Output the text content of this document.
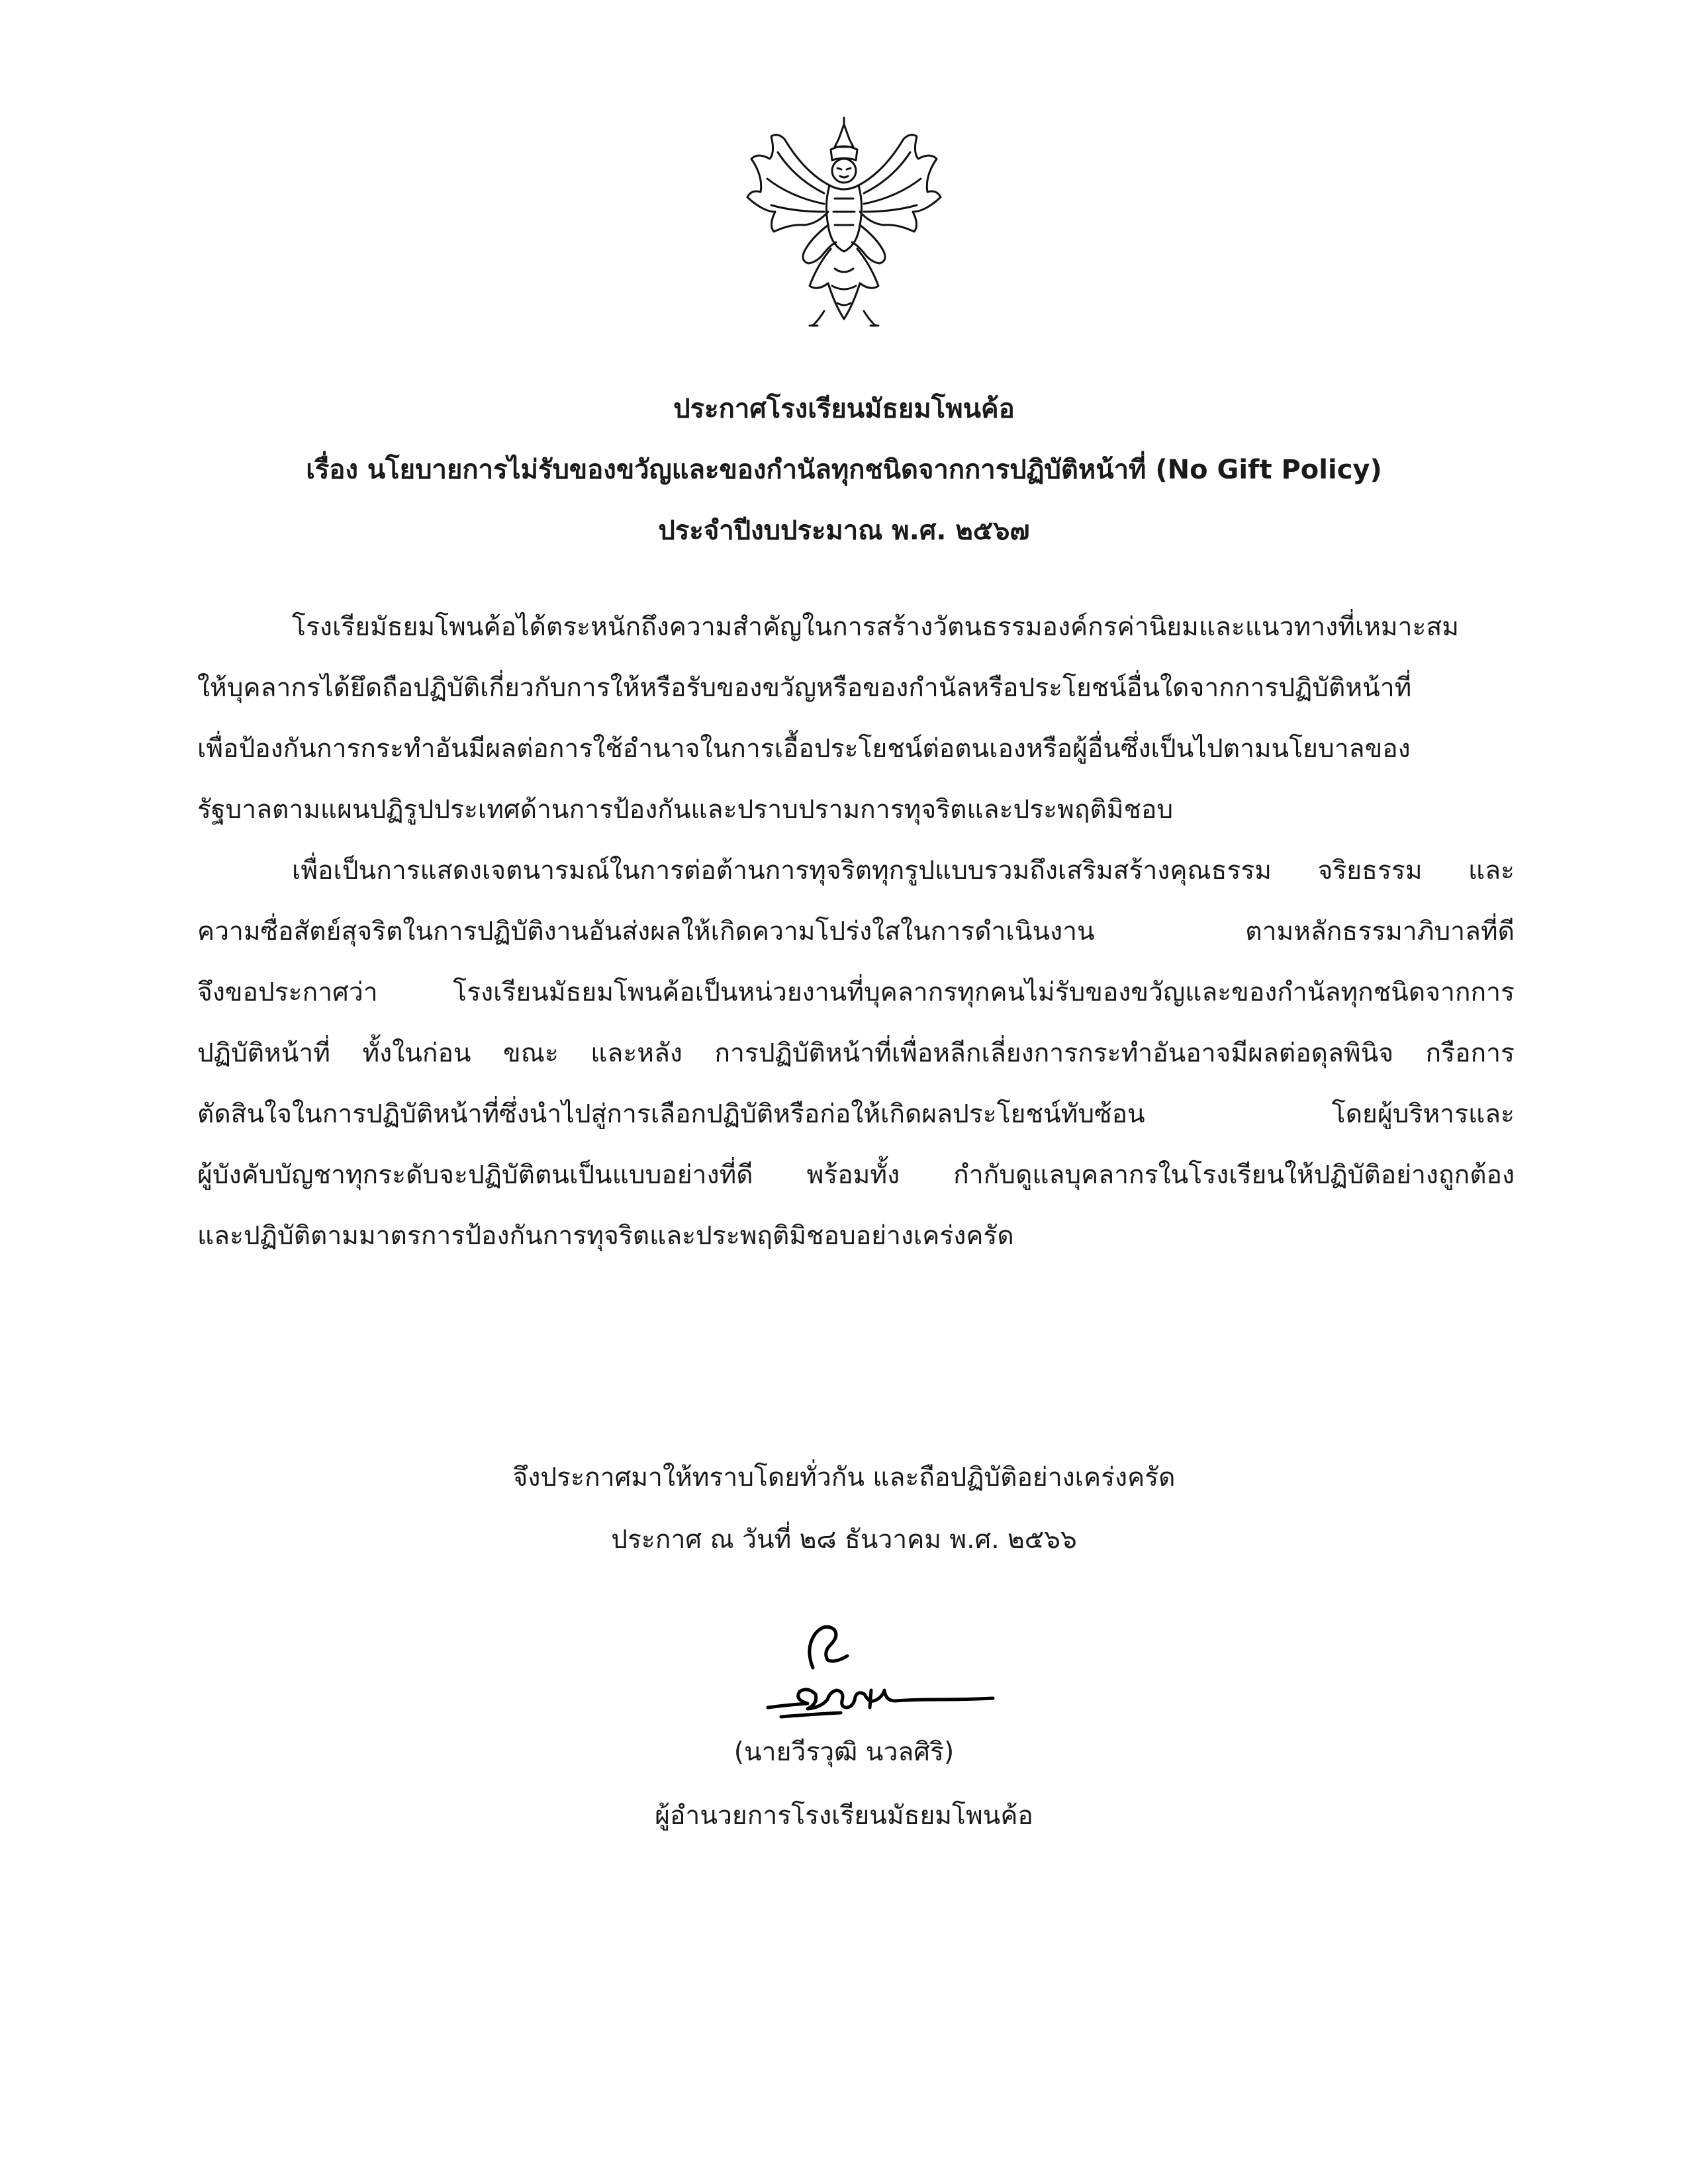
ประกาศโรงเรียนมัธยมโพนค้อ
เรื่อง นโยบายการไม่รับของขวัญและของกำนัลทุกชนิดจากการปฏิบัติหน้าที่ (No Gift Policy)
ประจำปีงบประมาณ พ.ศ. ๒๕๖๗
โรงเรียมัธยมโพนค้อได้ตระหนักถึงความสำคัญในการสร้างวัตนธรรมองค์กรค่านิยมและแนวทางที่เหมาะสม
ให้บุคลากรได้ยึดถือปฏิบัติเกี่ยวกับการให้หรือรับของขวัญหรือของกำนัลหรือประโยชน์อื่นใดจากการปฏิบัติหน้าที่
เพื่อป้องกันการกระทำอันมีผลต่อการใช้อำนาจในการเอื้อประโยชน์ต่อตนเองหรือผู้อื่นซึ่งเป็นไปตามนโยบาลของ
รัฐบาลตามแผนปฏิรูปประเทศด้านการป้องกันและปราบปรามการทุจริตและประพฤติมิชอบ
เพื่อเป็นการแสดงเจตนารมณ์ในการต่อต้านการทุจริตทุกรูปแบบรวมถึงเสริมสร้างคุณธรรม จริยธรรม และ
ความซื่อสัตย์สุจริตในการปฏิบัติงานอันส่งผลให้เกิดความโปร่งใสในการดำเนินงาน ตามหลักธรรมาภิบาลที่ดี
จึงขอประกาศว่า โรงเรียนมัธยมโพนค้อเป็นหน่วยงานที่บุคลากรทุกคนไม่รับของขวัญและของกำนัลทุกชนิดจากการ
ปฏิบัติหน้าที่ ทั้งในก่อน ขณะ และหลัง การปฏิบัติหน้าที่เพื่อหลีกเลี่ยงการกระทำอันอาจมีผลต่อดุลพินิจ กรือการ
ตัดสินใจในการปฏิบัติหน้าที่ซึ่งนำไปสู่การเลือกปฏิบัติหรือก่อให้เกิดผลประโยชน์ทับซ้อน โดยผู้บริหารและ
ผู้บังคับบัญชาทุกระดับจะปฏิบัติตนเป็นแบบอย่างที่ดี พร้อมทั้ง กำกับดูแลบุคลากรในโรงเรียนให้ปฏิบัติอย่างถูกต้อง
และปฏิบัติตามมาตรการป้องกันการทุจริตและประพฤติมิชอบอย่างเคร่งครัด
จึงประกาศมาให้ทราบโดยทั่วกัน และถือปฏิบัติอย่างเคร่งครัด
ประกาศ ณ วันที่ ๒๘ ธันวาคม พ.ศ. ๒๕๖๖
(นายวีรวุฒิ นวลศิริ)
ผู้อำนวยการโรงเรียนมัธยมโพนค้อ
